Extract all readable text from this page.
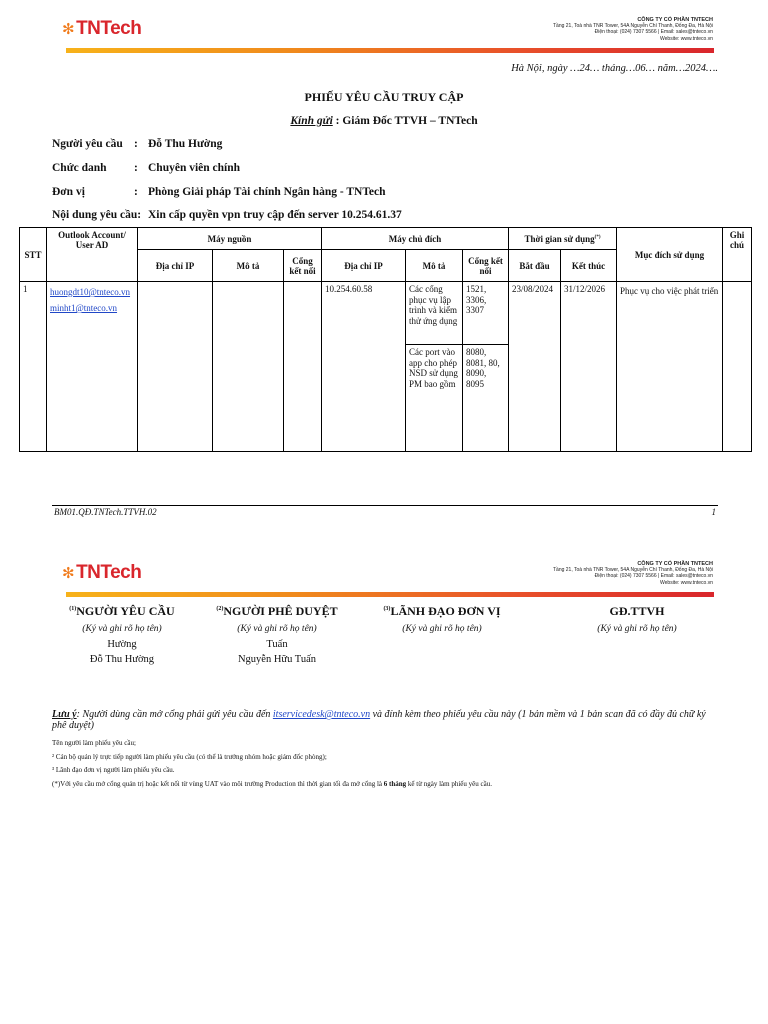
✻ TNTech	CÔNG TY CỔ PHẦN TNTECH
Tầng 21, Toà nhà TNR Tower, 54A Nguyễn Chí Thanh, Đống Đa, Hà Nội
Điện thoại: (024) 7307 5566 | Email: sales@tnteco.vn
Website: www.tnteco.vn
Hà Nội, ngày …24… tháng…06… năm…2024….
PHIẾU YÊU CẦU TRUY CẬP
Kính gửi : Giám Đốc TTVH – TNTech
Người yêu cầu : Đỗ Thu Hường
Chức danh : Chuyên viên chính
Đơn vị	: Phòng Giải pháp Tài chính Ngân hàng - TNTech
Nội dung yêu cầu: Xin cấp quyền vpn truy cập đến server 10.254.61.37
STT	Outlook Account/ User AD	Máy nguồn			Máy chủ đích			Thời gian sử dụng(*)		Mục đích sử dụng	Ghi chú
		Địa chỉ IP	Mô tả	Cổng kết nối	Địa chỉ IP	Mô tả	Cổng kết nối	Bắt đầu	Kết thúc		
1	huongdt10@tnteco.vn
minht1@tnteco.vn				10.254.60.58	Các cổng phục vụ lập trình và kiểm thử ứng dụng	1521, 3306, 3307	23/08/2024	31/12/2026	Phục vụ cho việc phát triển	
						Các port vào app cho phép NSD sử dụng PM bao gồm	8080, 8081, 80, 8090, 8095				
BM01.QĐ.TNTech.TTVH.02	1
✻ TNTech	CÔNG TY CỔ PHẦN TNTECH
Tầng 21, Toà nhà TNR Tower, 54A Nguyễn Chí Thanh, Đống Đa, Hà Nội
Điện thoại: (024) 7307 5566 | Email: sales@tnteco.vn
Website: www.tnteco.vn
$^{(1)}$NGƯỜI YÊU CẦU
(Ký và ghi rõ họ tên)
Hường
Đỗ Thu Hường
$^{(2)}$NGƯỜI PHÊ DUYỆT
(Ký và ghi rõ họ tên)
Tuấn
Nguyễn Hữu Tuấn
$^{(3)}$LÃNH ĐẠO ĐƠN VỊ
(Ký và ghi rõ họ tên)
GĐ.TTVH
(Ký và ghi rõ họ tên)
Lưu ý: Người dùng cần mở cổng phải gửi yêu cầu đến itservicedesk@tnteco.vn và đính kèm theo phiếu yêu cầu này (1 bản mềm và 1 bản scan đã có đầy đủ chữ ký phê duyệt)
Tên người làm phiếu yêu cầu;
² Cán bộ quản lý trực tiếp người làm phiếu yêu cầu (có thể là trưởng nhóm hoặc giám đốc phòng);
³ Lãnh đạo đơn vị người làm phiếu yêu cầu.
(*)Với yêu cầu mở cổng quản trị hoặc kết nối từ vùng UAT vào môi trường Production thì thời gian tối đa mở cổng là 6 tháng kể từ ngày làm phiếu yêu cầu.
